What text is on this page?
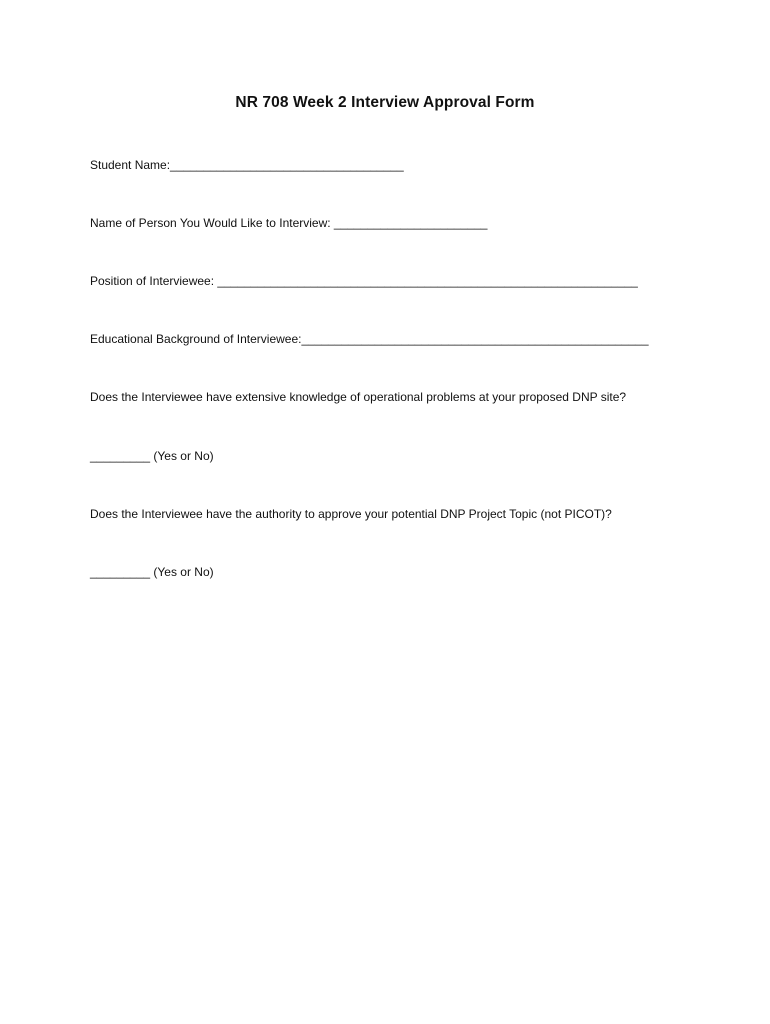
NR 708 Week 2 Interview Approval Form
Student Name:___________________________________
Name of Person You Would Like to Interview: _______________________
Position of Interviewee: _______________________________________________________________
Educational Background of Interviewee:____________________________________________________
Does the Interviewee have extensive knowledge of operational problems at your proposed DNP site?
_________ (Yes or No)
Does the Interviewee have the authority to approve your potential DNP Project Topic (not PICOT)?
_________ (Yes or No)
